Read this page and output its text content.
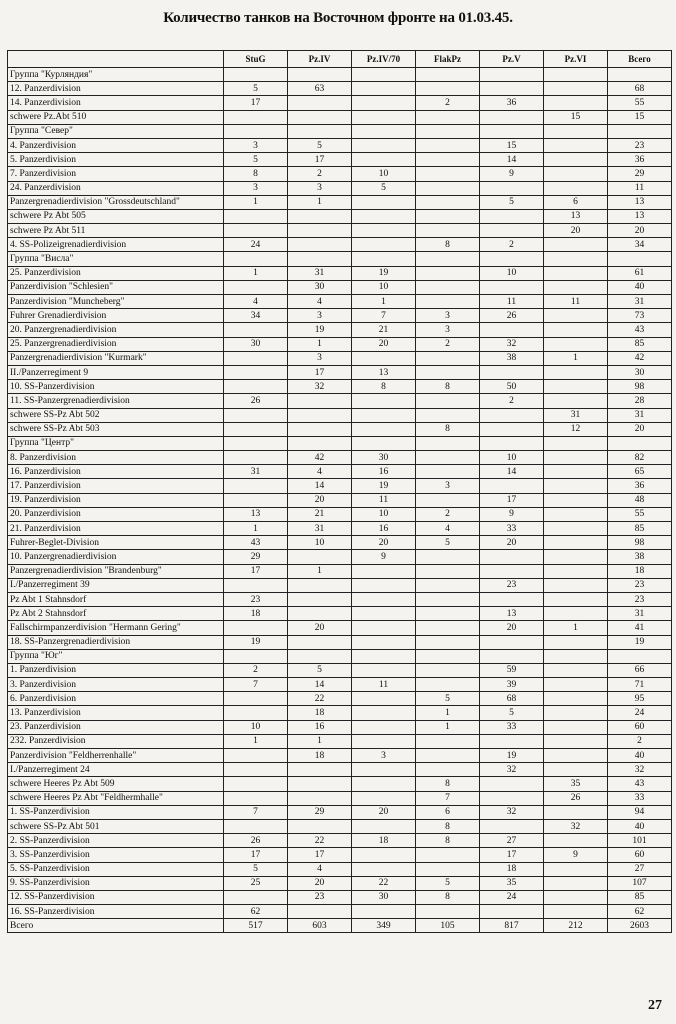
Количество танков на Восточном фронте на 01.03.45.
	StuG	Pz.IV	Pz.IV/70	FlakPz	Pz.V	Pz.VI	Всего
Группа "Курляндия"							
12. Panzerdivision	5	63					68
14. Panzerdivision	17			2	36		55
schwere Pz.Abt 510						15	15
Группа "Север"							
4. Panzerdivision	3	5			15		23
5. Panzerdivision	5	17			14		36
7. Panzerdivision	8	2	10		9		29
24. Panzerdivision	3	3	5				11
Panzergrenadierdivision "Grossdeutschland"	1	1			5	6	13
schwere Pz Abt 505						13	13
schwere Pz Abt 511						20	20
4. SS-Polizeigrenadierdivision	24			8	2		34
Группа "Висла"							
25. Panzerdivision	1	31	19		10		61
Panzerdivision "Schlesien"		30	10				40
Panzerdivision "Muncheberg"	4	4	1		11	11	31
Fuhrer Grenadierdivision	34	3	7	3	26		73
20. Panzergrenadierdivision		19	21	3			43
25. Panzergrenadierdivision	30	1	20	2	32		85
Panzergrenadierdivision "Kurmark"		3			38	1	42
II./Panzerregiment 9		17	13				30
10. SS-Panzerdivision		32	8	8	50		98
11. SS-Panzergrenadierdivision	26				2		28
schwere SS-Pz Abt 502						31	31
schwere SS-Pz Abt 503				8		12	20
Группа "Центр"							
8. Panzerdivision		42	30		10		82
16. Panzerdivision	31	4	16		14		65
17. Panzerdivision		14	19	3			36
19. Panzerdivision		20	11		17		48
20. Panzerdivision	13	21	10	2	9		55
21. Panzerdivision	1	31	16	4	33		85
Fuhrer-Beglet-Division	43	10	20	5	20		98
10. Panzergrenadierdivision	29		9				38
Panzergrenadierdivision "Brandenburg"	17	1					18
I./Panzerregiment 39					23		23
Pz Abt 1 Stahnsdorf	23						23
Pz Abt 2 Stahnsdorf	18				13		31
Fallschirmpanzerdivision "Hermann Gering"		20			20	1	41
18. SS-Panzergrenadierdivision	19						19
Группа "Юг"							
1. Panzerdivision	2	5			59		66
3. Panzerdivision	7	14	11		39		71
6. Panzerdivision		22		5	68		95
13. Panzerdivision		18		1	5		24
23. Panzerdivision	10	16		1	33		60
232. Panzerdivision	1	1					2
Panzerdivision "Feldherrenhalle"		18	3		19		40
I./Panzerregiment 24					32		32
schwere Heeres Pz Abt 509				8		35	43
schwere Heeres Pz Abt "Feldhermhalle"				7		26	33
1. SS-Panzerdivision	7	29	20	6	32		94
schwere SS-Pz Abt 501				8		32	40
2. SS-Panzerdivision	26	22	18	8	27		101
3. SS-Panzerdivision	17	17			17	9	60
5. SS-Panzerdivision	5	4			18		27
9. SS-Panzerdivision	25	20	22	5	35		107
12. SS-Panzerdivision		23	30	8	24		85
16. SS-Panzerdivision	62						62
Всего	517	603	349	105	817	212	2603
27
